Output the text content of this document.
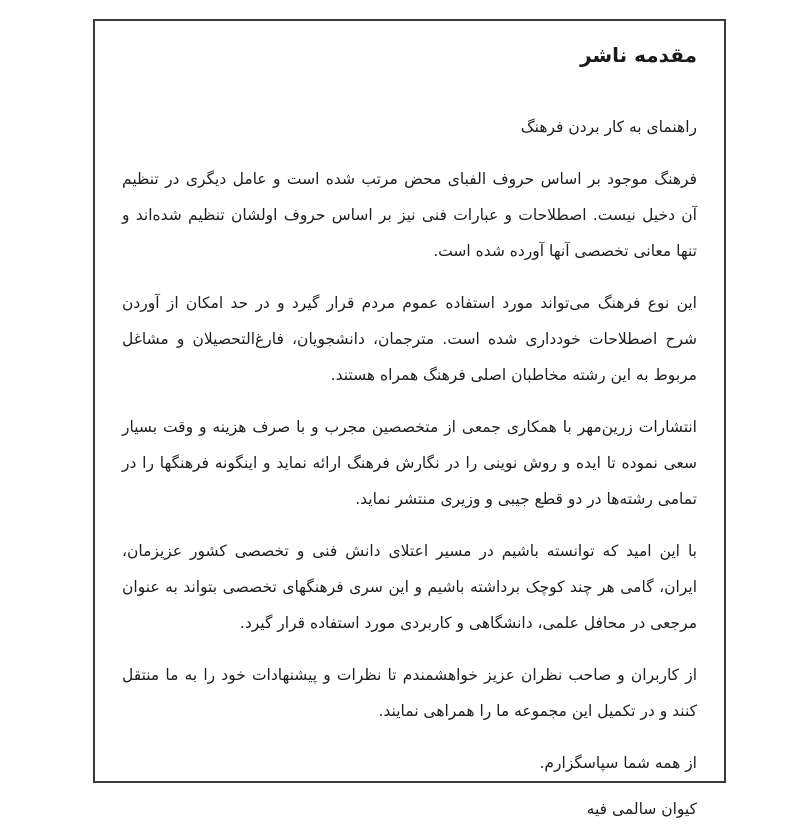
مقدمه ناشر

راهنمای به کار بردن فرهنگ

فرهنگ موجود بر اساس حروف الفبای محض مرتب شده است و عامل دیگری در تنظیم آن دخیل نیست. اصطلاحات و عبارات فنی نیز بر اساس حروف اولشان تنظیم شده‌اند و تنها معانی تخصصی آنها آورده شده است.

این نوع فرهنگ می‌تواند مورد استفاده عموم مردم قرار گیرد و در حد امکان از آوردن شرح اصطلاحات خودداری شده است. مترجمان، دانشجویان، فارغ‌التحصیلان و مشاغل مربوط به این رشته مخاطبان اصلی فرهنگ همراه هستند.

انتشارات زرین‌مهر با همکاری جمعی از متخصصین مجرب و با صرف هزینه و وقت بسیار سعی نموده تا ایده و روش نوینی را در نگارش فرهنگ ارائه نماید و اینگونه فرهنگها را در تمامی رشته‌ها در دو قطع جیبی و وزیری منتشر نماید.

با این امید که توانسته باشیم در مسیر اعتلای دانش فنی و تخصصی کشور عزیزمان، ایران، گامی هر چند کوچک برداشته باشیم و این سری فرهنگهای تخصصی بتواند به عنوان مرجعی در محافل علمی، دانشگاهی و کاربردی مورد استفاده قرار گیرد.

از کاربران و صاحب نظران عزیز خواهشمندم تا نظرات و پیشنهادات خود را به ما منتقل کنند و در تکمیل این مجموعه ما را همراهی نمایند.

از همه شما سپاسگزارم.

کیوان سالمی فیه
